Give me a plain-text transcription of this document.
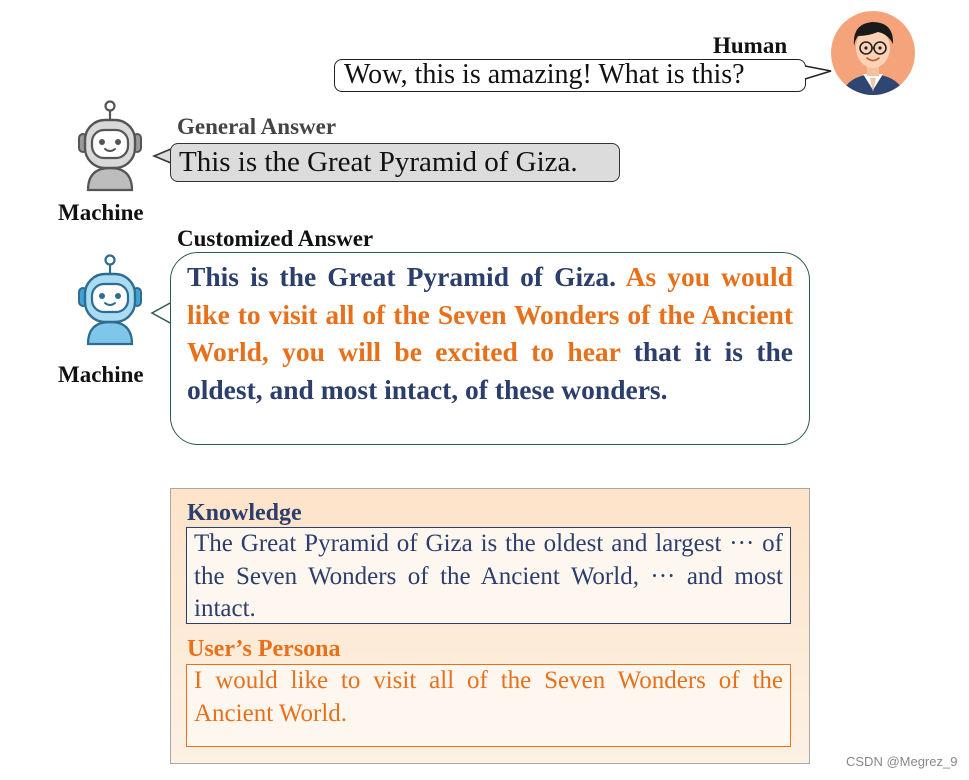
Human
Wow, this is amazing! What is this?
General Answer
This is the Great Pyramid of Giza.
Machine
Customized Answer
This is the Great Pyramid of Giza. As you would like to visit all of the Seven Wonders of the Ancient World, you will be excited to hear that it is the oldest, and most intact, of these wonders.
Machine
Knowledge
The Great Pyramid of Giza is the oldest and largest ··· of the Seven Wonders of the Ancient World, ··· and most intact.
User’s Persona
I would like to visit all of the Seven Wonders of the Ancient World.
CSDN @Megrez_9
